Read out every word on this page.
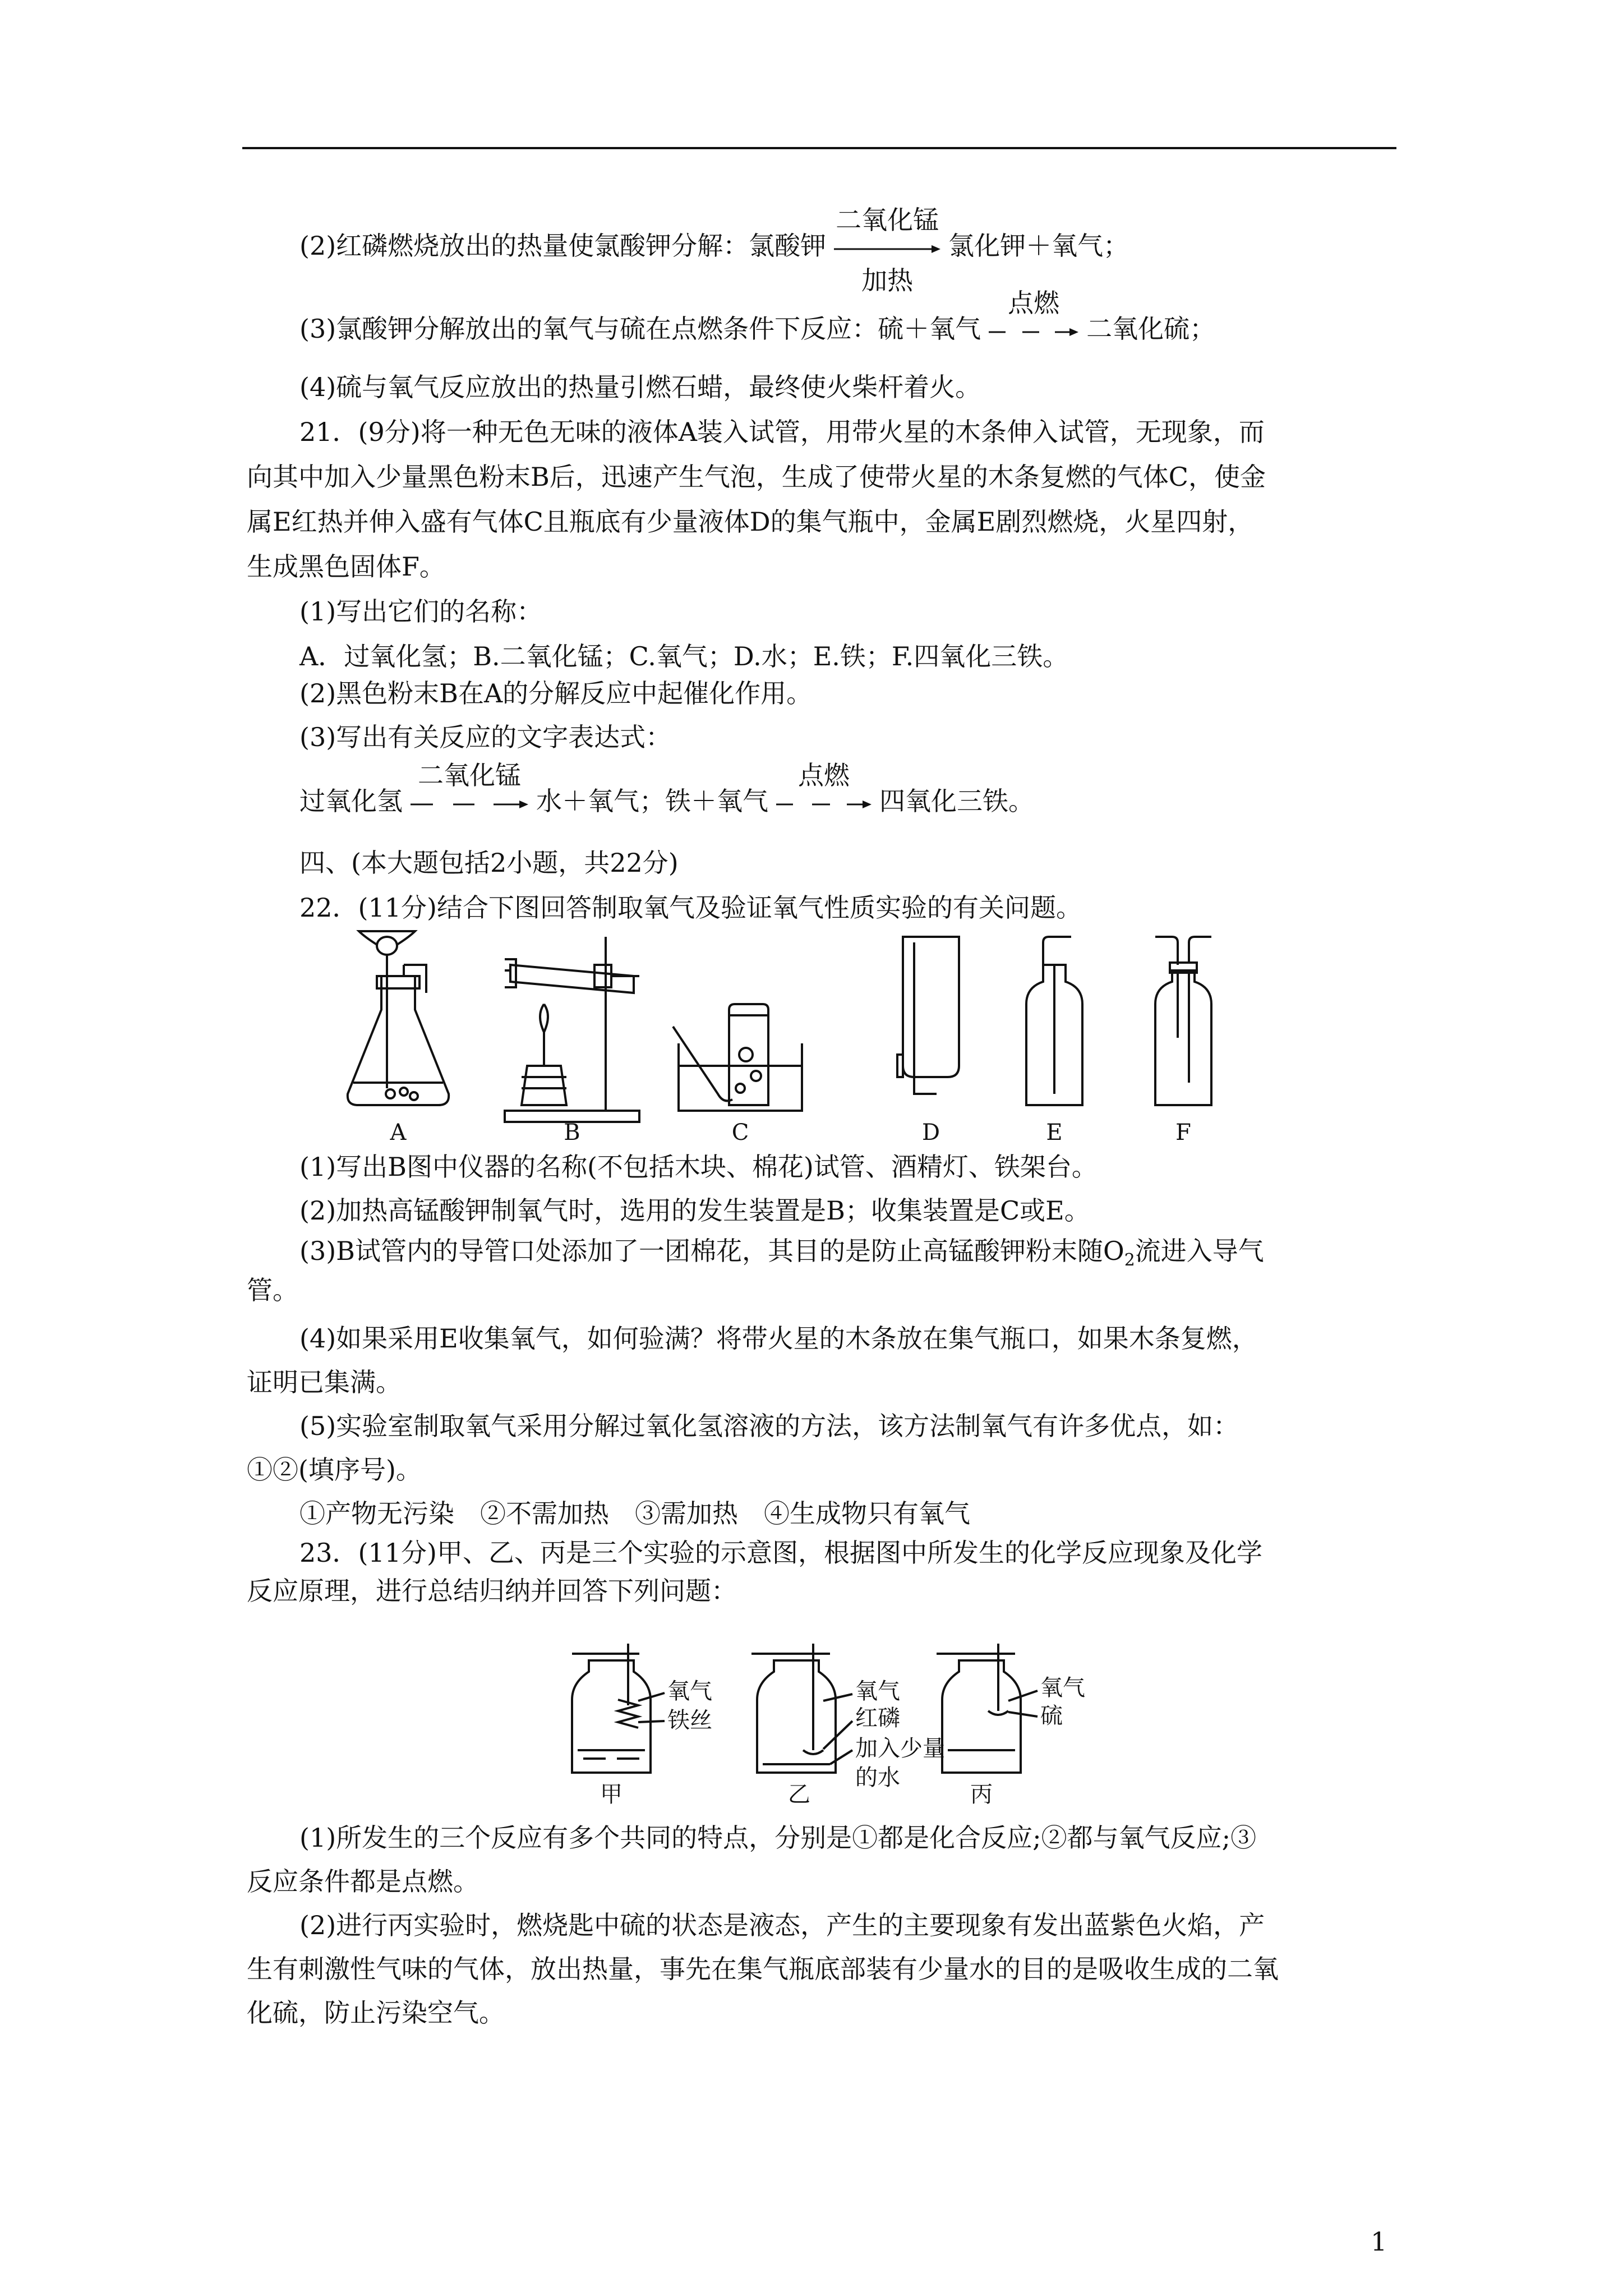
(2)红磷燃烧放出的热量使氯酸钾分解：氯酸钾
二氧化锰
加热
氯化钾＋氧气；
(3)氯酸钾分解放出的氧气与硫在点燃条件下反应：硫＋氧气
点燃
二氧化硫；
(4)硫与氧气反应放出的热量引燃石蜡，最终使火柴杆着火。
21．(9分)将一种无色无味的液体A装入试管，用带火星的木条伸入试管，无现象，而
向其中加入少量黑色粉末B后，迅速产生气泡，生成了使带火星的木条复燃的气体C，使金
属E红热并伸入盛有气体C且瓶底有少量液体D的集气瓶中，金属E剧烈燃烧，火星四射，
生成黑色固体F。
(1)写出它们的名称：
A．过氧化氢；B.二氧化锰；C.氧气；D.水；E.铁；F.四氧化三铁。
(2)黑色粉末B在A的分解反应中起催化作用。
(3)写出有关反应的文字表达式：
过氧化氢
二氧化锰
水＋氧气；铁＋氧气
点燃
四氧化三铁。
四、(本大题包括2小题，共22分)
22．(11分)结合下图回答制取氧气及验证氧气性质实验的有关问题。
A	B	C	D	E	F
(1)写出B图中仪器的名称(不包括木块、棉花)试管、酒精灯、铁架台。
(2)加热高锰酸钾制氧气时，选用的发生装置是B；收集装置是C或E。
(3)B试管内的导管口处添加了一团棉花，其目的是防止高锰酸钾粉末随$O_2$流进入导气
管。
(4)如果采用E收集氧气，如何验满？将带火星的木条放在集气瓶口，如果木条复燃，
证明已集满。
(5)实验室制取氧气采用分解过氧化氢溶液的方法，该方法制氧气有许多优点，如：
①②(填序号)。
①产物无污染　②不需加热　③需加热　④生成物只有氧气
23．(11分)甲、乙、丙是三个实验的示意图，根据图中所发生的化学反应现象及化学
反应原理，进行总结归纳并回答下列问题：
氧气
铁丝
甲
氧气
红磷
加入少量
的水
乙
氧气
硫
丙
(1)所发生的三个反应有多个共同的特点，分别是①都是化合反应;②都与氧气反应;③
反应条件都是点燃。
(2)进行丙实验时，燃烧匙中硫的状态是液态，产生的主要现象有发出蓝紫色火焰，产
生有刺激性气味的气体，放出热量，事先在集气瓶底部装有少量水的目的是吸收生成的二氧
化硫，防止污染空气。
1
